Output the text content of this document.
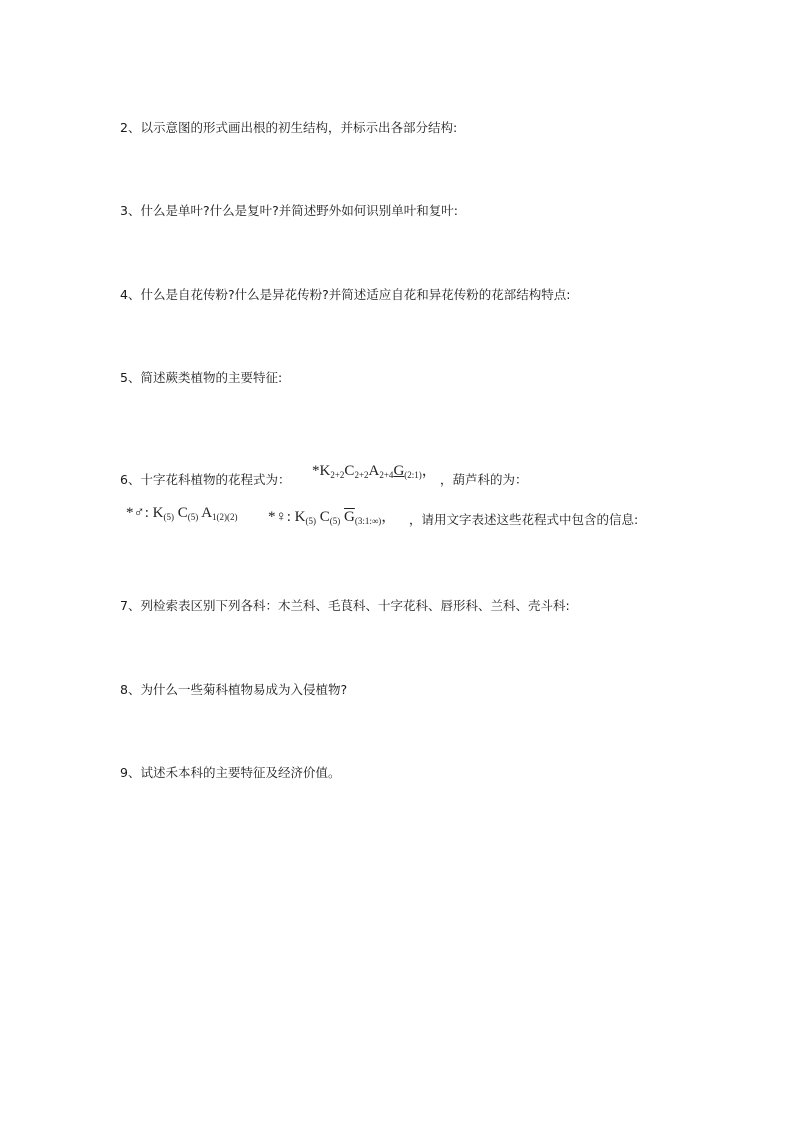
2、以示意图的形式画出根的初生结构，并标示出各部分结构:
3、什么是单叶?什么是复叶?并简述野外如何识别单叶和复叶:
4、什么是自花传粉?什么是异花传粉?并简述适应自花和异花传粉的花部结构特点:
5、简述蕨类植物的主要特征:
6、十字花科植物的花程式为：
$*K_{2+2}C_{2+2}A_{2+4}G_{(2:1)}$，
，葫芦科的为：
*♂: $K_{(5)}$ $C_{(5)}$ $A_{1(2)(2)}$ *♀: $K_{(5)}$ $C_{(5)}$ $\overline{G}_{(3:1:\infty)}$， ，请用文字表述这些花程式中包含的信息:
7、列检索表区别下列各科：木兰科、毛茛科、十字花科、唇形科、兰科、壳斗科:
8、为什么一些菊科植物易成为入侵植物?
9、试述禾本科的主要特征及经济价值。
